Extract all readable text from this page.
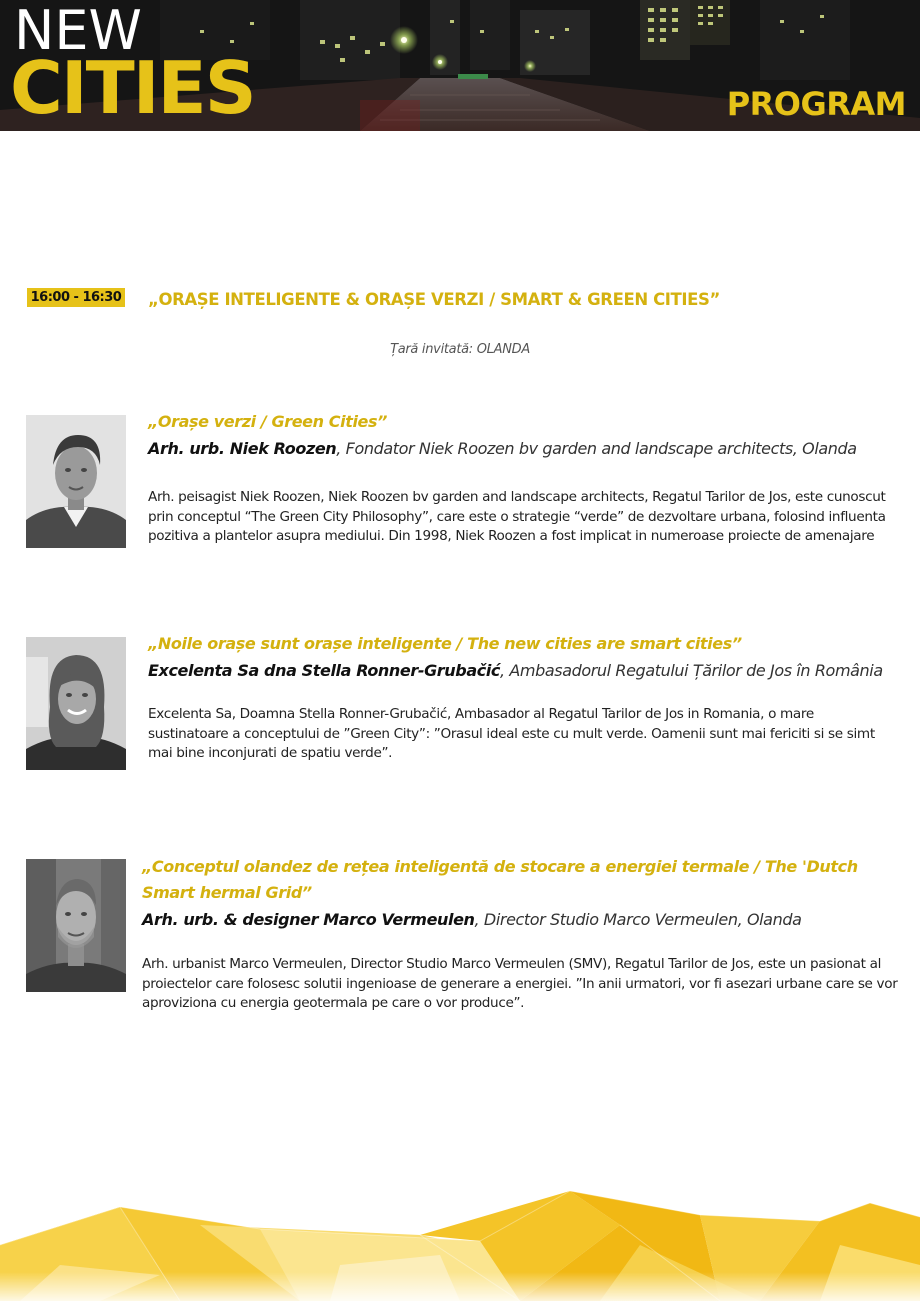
NEW
CITIES	PROGRAM
16:00 - 16:30 „ORAȘE INTELIGENTE & ORAȘE VERZI / SMART & GREEN CITIES”
Țară invitată: OLANDA
„Orașe verzi / Green Cities”
Arh. urb. Niek Roozen, Fondator Niek Roozen bv garden and landscape architects, Olanda

Arh. peisagist Niek Roozen, Niek Roozen bv garden and landscape architects, Regatul Tarilor de Jos, este cunoscut prin conceptul “The Green City Philosophy”, care este o strategie “verde” de dezvoltare urbana, folosind influenta pozitiva a plantelor asupra mediului. Din 1998, Niek Roozen a fost implicat in numeroase proiecte de amenajare

„Noile orașe sunt orașe inteligente / The new cities are smart cities”
Excelenta Sa dna Stella Ronner-Grubačić, Ambasadorul Regatului Țărilor de Jos în România

Excelenta Sa, Doamna Stella Ronner-Grubačić, Ambasador al Regatul Tarilor de Jos in Romania, o mare sustinatoare a conceptului de ”Green City”: ”Orasul ideal este cu mult verde. Oamenii sunt mai fericiti si se simt mai bine inconjurati de spatiu verde”.

„Conceptul olandez de rețea inteligentă de stocare a energiei termale / The 'Dutch Smart hermal Grid”
Arh. urb. & designer Marco Vermeulen, Director Studio Marco Vermeulen, Olanda

Arh. urbanist Marco Vermeulen, Director Studio Marco Vermeulen (SMV), Regatul Tarilor de Jos, este un pasionat al proiectelor care folosesc solutii ingenioase de generare a energiei. ”In anii urmatori, vor fi asezari urbane care se vor aproviziona cu energia geotermala pe care o vor produce”.
